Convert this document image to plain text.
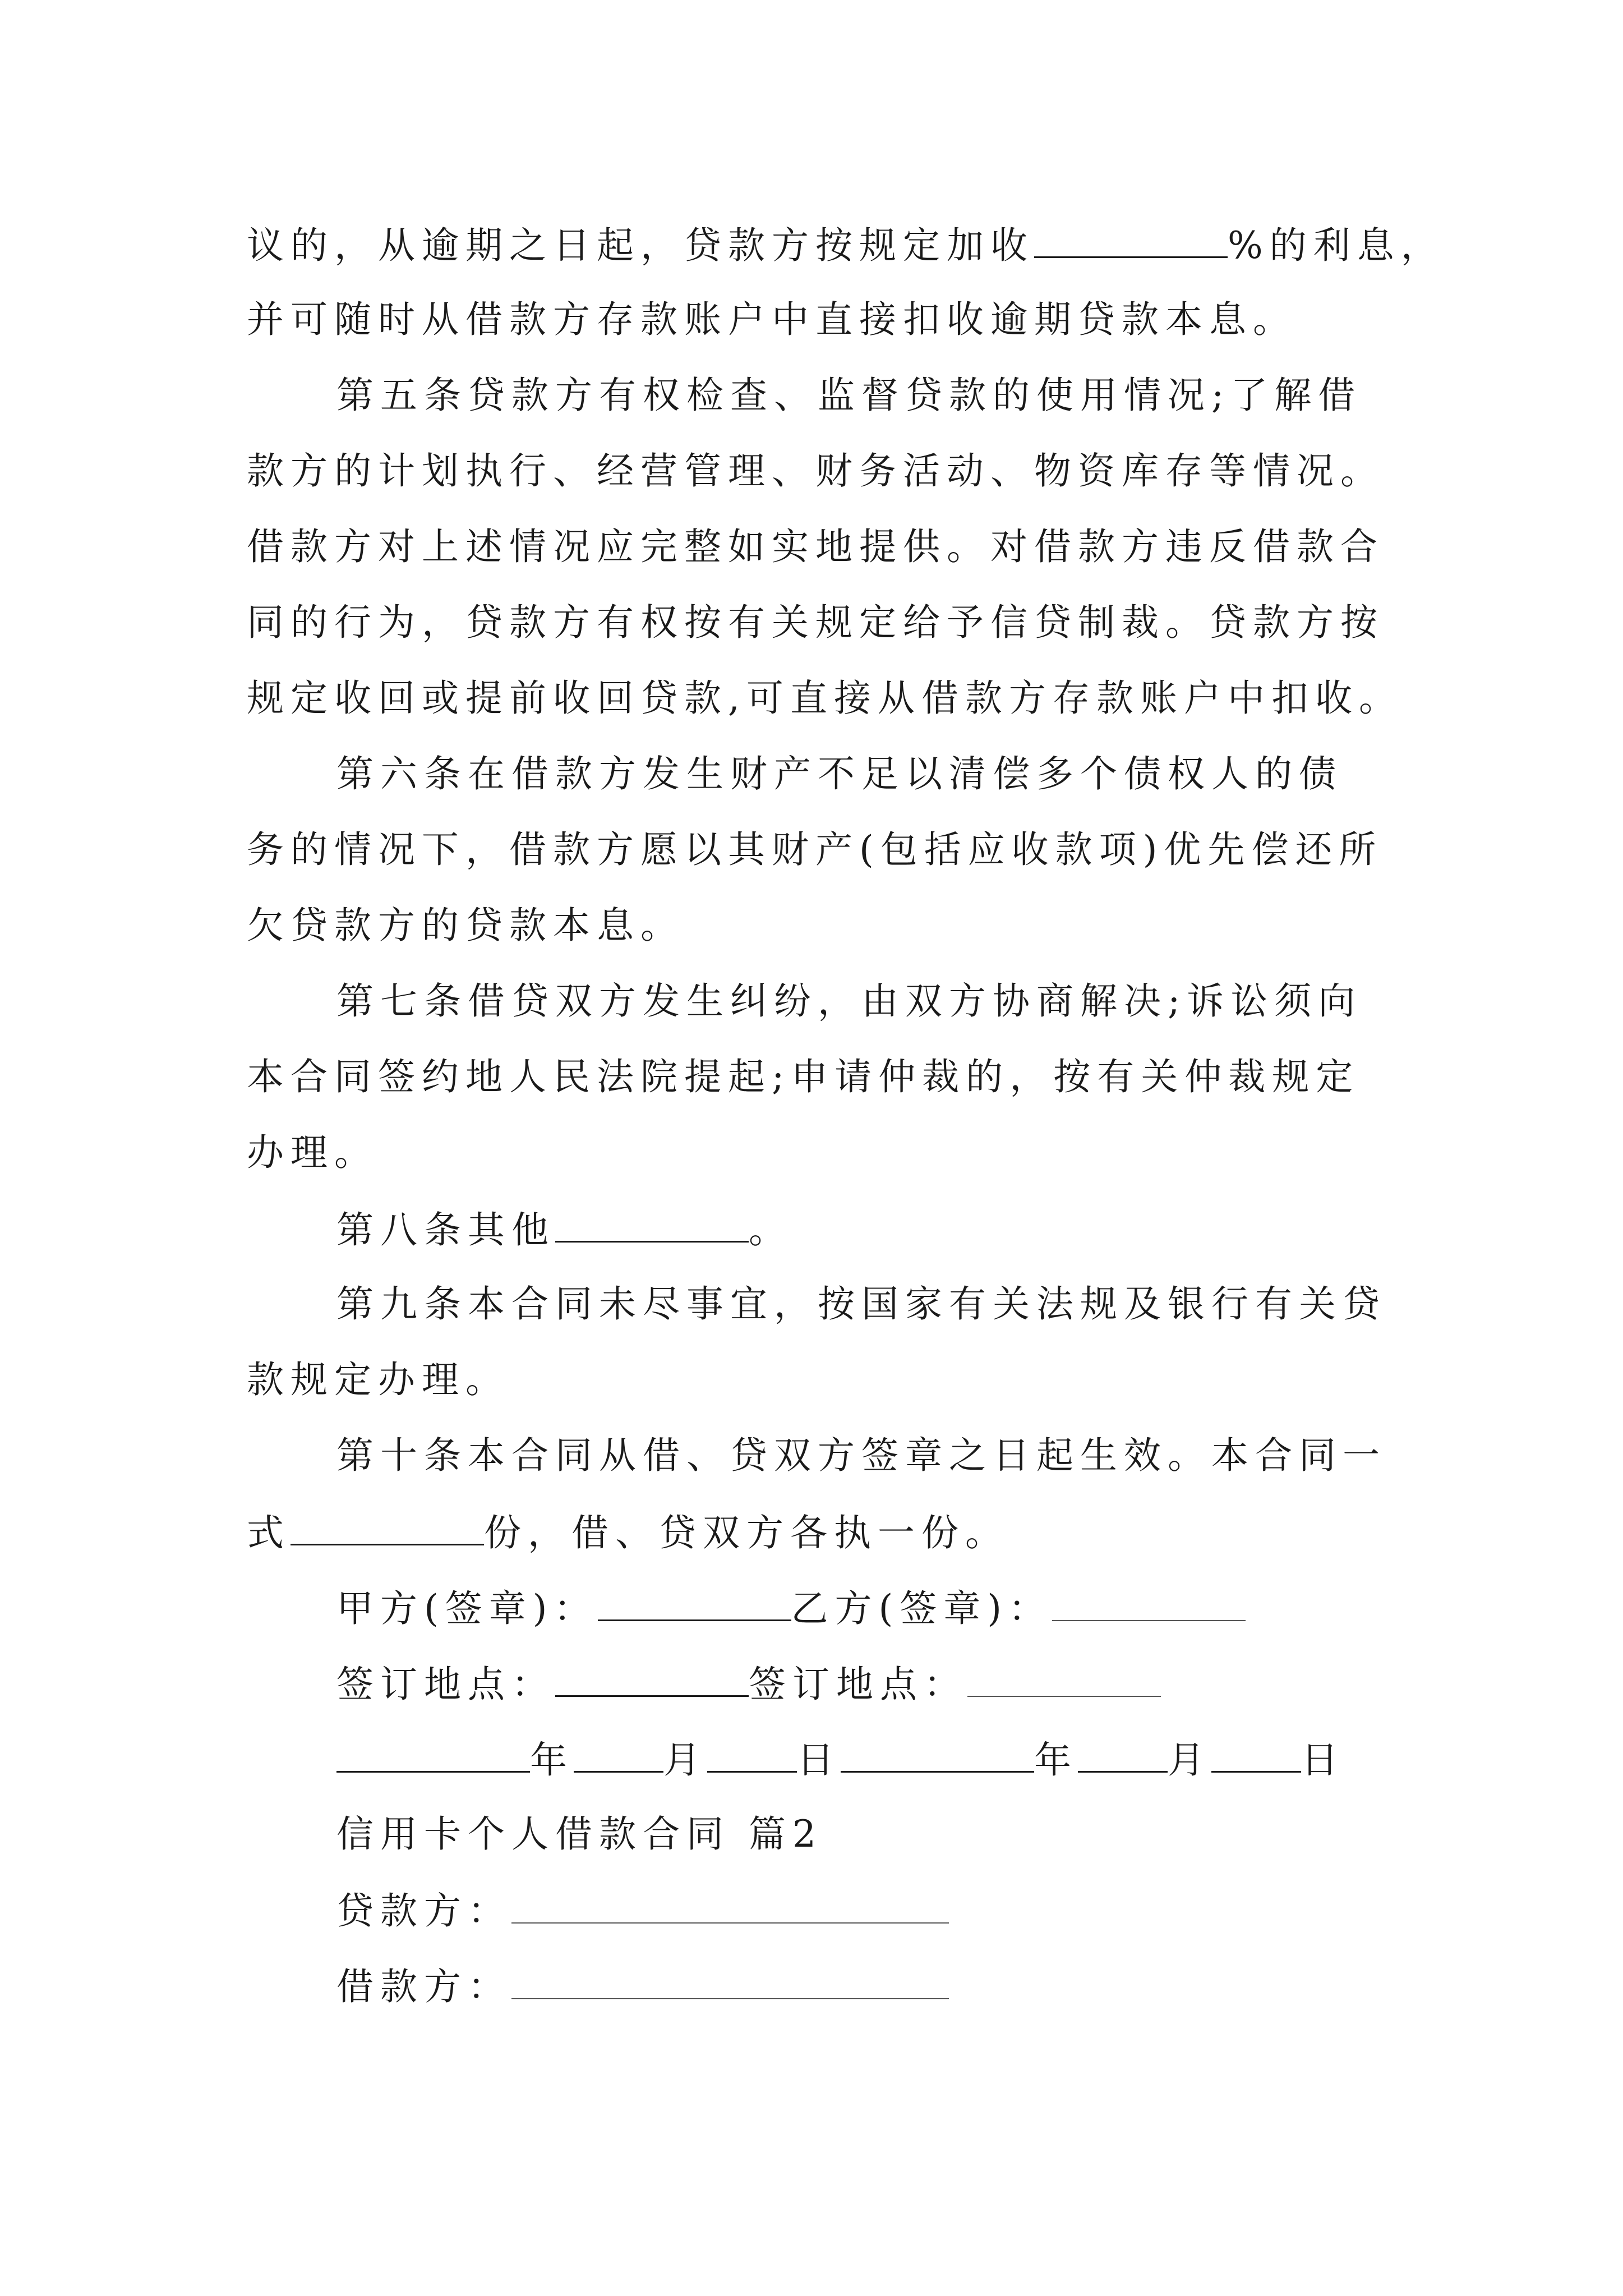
议的，从逾期之日起，贷款方按规定加收	%的利息，
并可随时从借款方存款账户中直接扣收逾期贷款本息。
第五条贷款方有权检查、监督贷款的使用情况;了解借
款方的计划执行、经营管理、财务活动、物资库存等情况。
借款方对上述情况应完整如实地提供。对借款方违反借款合
同的行为，贷款方有权按有关规定给予信贷制裁。贷款方按
规定收回或提前收回贷款,可直接从借款方存款账户中扣收。
第六条在借款方发生财产不足以清偿多个债权人的债
务的情况下，借款方愿以其财产(包括应收款项)优先偿还所
欠贷款方的贷款本息。
第七条借贷双方发生纠纷，由双方协商解决;诉讼须向
本合同签约地人民法院提起;申请仲裁的，按有关仲裁规定
办理。
第八条其他	。
第九条本合同未尽事宜，按国家有关法规及银行有关贷
款规定办理。
第十条本合同从借、贷双方签章之日起生效。本合同一
式	份，借、贷双方各执一份。
甲方(签章)：	乙方(签章)：
签订地点：	签订地点：
年 月 日	年 月 日
信用卡个人借款合同 篇2
贷款方：
借款方：
